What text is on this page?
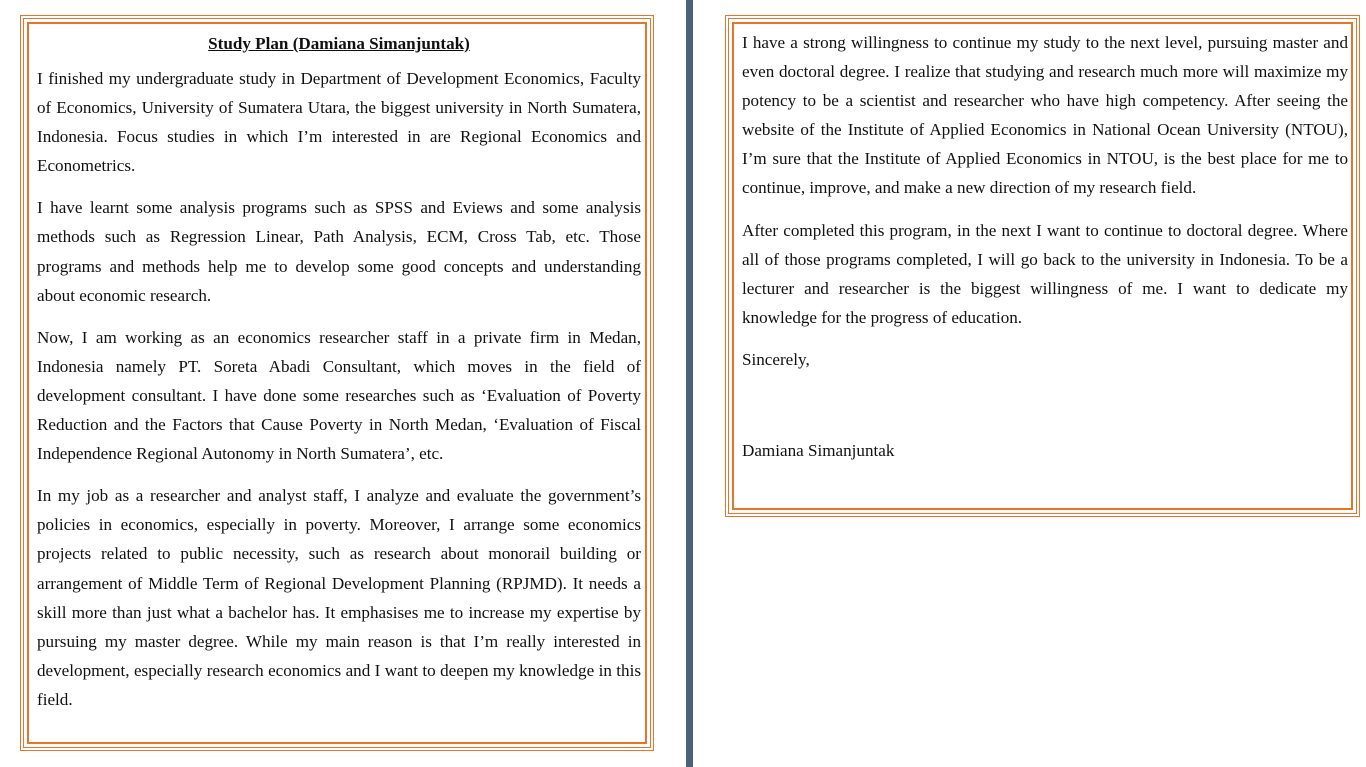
Study Plan (Damiana Simanjuntak)

I finished my undergraduate study in Department of Development Economics, Faculty of Economics, University of Sumatera Utara, the biggest university in North Sumatera, Indonesia. Focus studies in which I’m interested in are Regional Economics and Econometrics.

I have learnt some analysis programs such as SPSS and Eviews and some analysis methods such as Regression Linear, Path Analysis, ECM, Cross Tab, etc. Those programs and methods help me to develop some good concepts and understanding about economic research.

Now, I am working as an economics researcher staff in a private firm in Medan, Indonesia namely PT. Soreta Abadi Consultant, which moves in the field of development consultant. I have done some researches such as ‘Evaluation of Poverty Reduction and the Factors that Cause Poverty in North Medan, ‘Evaluation of Fiscal Independence Regional Autonomy in North Sumatera’, etc.

In my job as a researcher and analyst staff, I analyze and evaluate the government’s policies in economics, especially in poverty. Moreover, I arrange some economics projects related to public necessity, such as research about monorail building or arrangement of Middle Term of Regional Development Planning (RPJMD). It needs a skill more than just what a bachelor has. It emphasises me to increase my expertise by pursuing my master degree. While my main reason is that I’m really interested in development, especially research economics and I want to deepen my knowledge in this field.

I have a strong willingness to continue my study to the next level, pursuing master and even doctoral degree. I realize that studying and research much more will maximize my potency to be a scientist and researcher who have high competency. After seeing the website of the Institute of Applied Economics in National Ocean University (NTOU), I’m sure that the Institute of Applied Economics in NTOU, is the best place for me to continue, improve, and make a new direction of my research field.

After completed this program, in the next I want to continue to doctoral degree. Where all of those programs completed, I will go back to the university in Indonesia. To be a lecturer and researcher is the biggest willingness of me. I want to dedicate my knowledge for the progress of education.

Sincerely,

Damiana Simanjuntak
